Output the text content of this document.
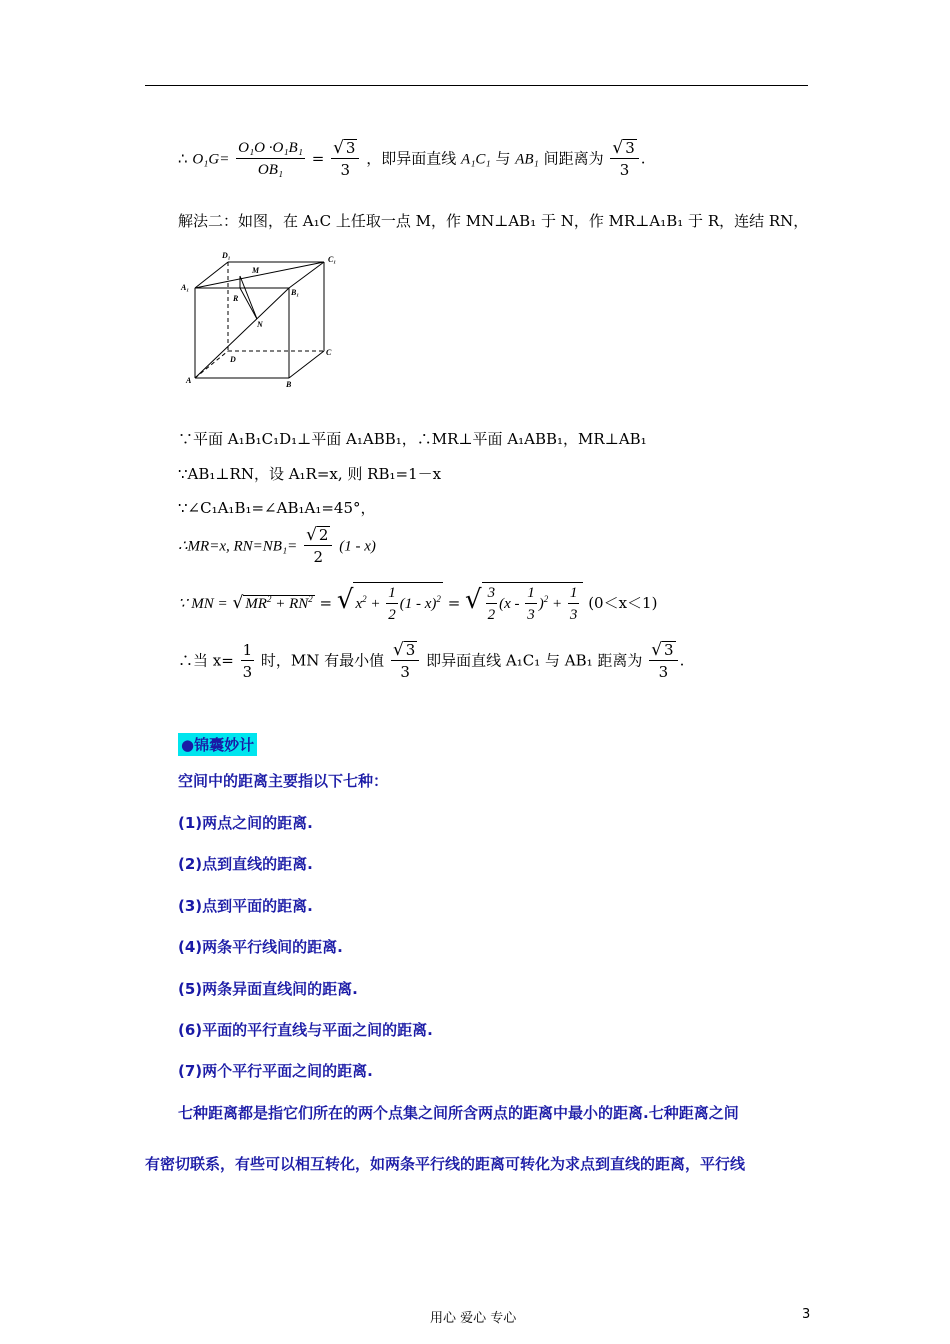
∴ $O_1G= \frac{\text{O₁O ·O₁B₁}}{\text{OB₁}} = \frac{√ 3}{3}$ ，即异面直线 A₁C₁ 与 AB₁ 间距离为 $\frac{√ 3}{3}$ .
解法二：如图，在 A₁C 上任取一点 M，作 MN⊥AB₁ 于 N，作 MR⊥A₁B₁ 于 R，连结 RN，
D₁
M
C₁
A₁
R
B₁
N
D
C
A	B
∵平面 A₁B₁C₁D₁⊥平面 A₁ABB₁，∴MR⊥平面 A₁ABB₁，MR⊥AB₁
∵AB₁⊥RN，设 A₁R=x, 则 RB₁=1－x
∵∠C₁A₁B₁=∠AB₁A₁=45°，
∴MR=x, $RN=NB_1= \frac{√ 2}{2} (1 - x)$
∵ MN = √ $MR^2 + RN^2$ = √ $x^2 + \frac{1}{2} (1 - x)^2$ = √ $\frac{3}{2} (x - \frac{1}{3} )^2 + \frac{1}{3} (0<x<1)$
∴当 $x= \frac{1}{3}$ 时，MN 有最小值 $\frac{√ 3}{3}$ 即异面直线 A₁C₁ 与 AB₁ 距离为 $\frac{√ 3}{3}$ .
●锦囊妙计
空间中的距离主要指以下七种：
(1)两点之间的距离.
(2)点到直线的距离.
(3)点到平面的距离.
(4)两条平行线间的距离.
(5)两条异面直线间的距离.
(6)平面的平行直线与平面之间的距离.
(7)两个平行平面之间的距离.
七种距离都是指它们所在的两个点集之间所含两点的距离中最小的距离.七种距离之间
有密切联系，有些可以相互转化，如两条平行线的距离可转化为求点到直线的距离，平行线
用心 爱心 专心	3
